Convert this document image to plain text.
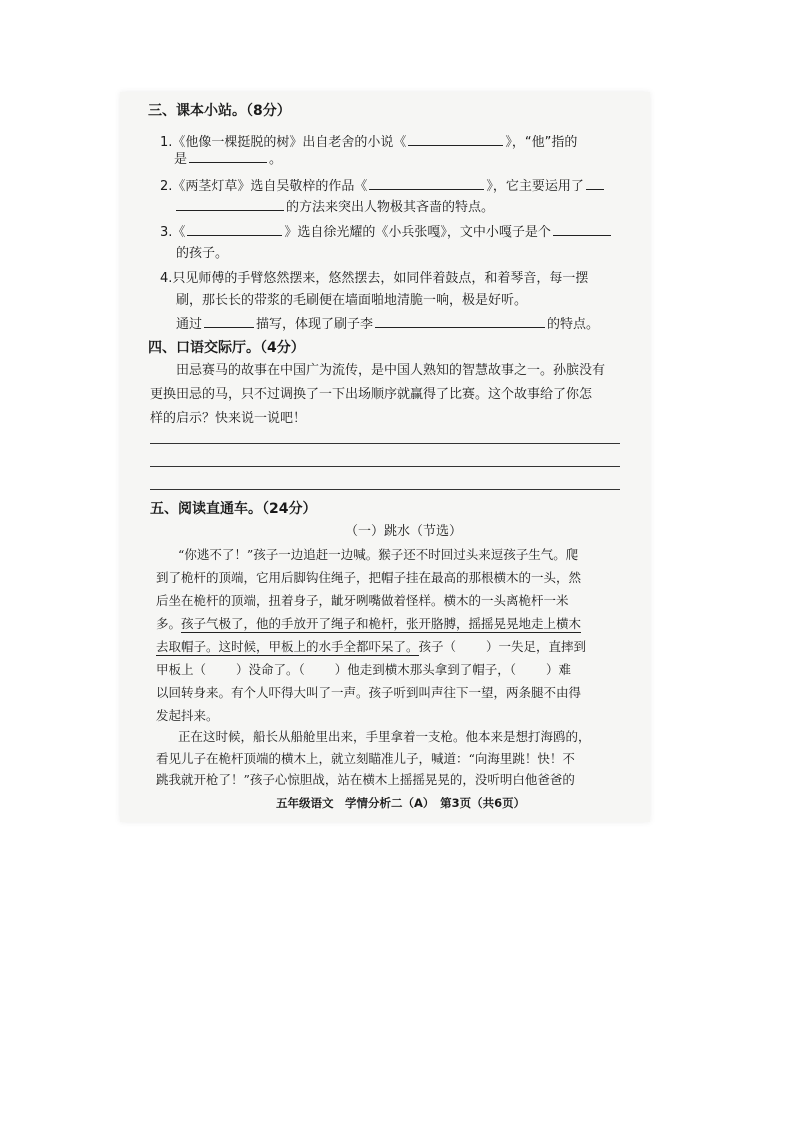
三、课本小站。（8分）
1.《他像一棵挺脱的树》出自老舍的小说《	》，“他”指的
是	。
2.《两茎灯草》选自吴敬梓的作品《	》，它主要运用了
的方法来突出人物极其吝啬的特点。
3.《	》选自徐光耀的《小兵张嘎》，文中小嘎子是个
的孩子。
4.只见师傅的手臂悠然摆来，悠然摆去，如同伴着鼓点，和着琴音，每一摆
刷，那长长的带浆的毛刷便在墙面啪地清脆一响，极是好听。
通过	描写，体现了刷子李	的特点。
四、口语交际厅。（4分）
田忌赛马的故事在中国广为流传，是中国人熟知的智慧故事之一。孙膑没有
更换田忌的马，只不过调换了一下出场顺序就赢得了比赛。这个故事给了你怎
样的启示？快来说一说吧！
五、阅读直通车。（24分）
（一）跳水（节选）
“你逃不了！”孩子一边追赶一边喊。猴子还不时回过头来逗孩子生气。爬
到了桅杆的顶端，它用后脚钩住绳子，把帽子挂在最高的那根横木的一头，然
后坐在桅杆的顶端，扭着身子，龇牙咧嘴做着怪样。横木的一头离桅杆一米
多。孩子气极了，他的手放开了绳子和桅杆，张开胳膊，摇摇晃晃地走上横木
去取帽子。这时候，甲板上的水手全都吓呆了。孩子（ ）一失足，直摔到
甲板上（ ）没命了。（ ）他走到横木那头拿到了帽子，（ ）难
以回转身来。有个人吓得大叫了一声。孩子听到叫声往下一望，两条腿不由得
发起抖来。
正在这时候，船长从船舱里出来，手里拿着一支枪。他本来是想打海鸥的，
看见儿子在桅杆顶端的横木上，就立刻瞄准儿子，喊道：“向海里跳！快！不
跳我就开枪了！”孩子心惊胆战，站在横木上摇摇晃晃的，没听明白他爸爸的
五年级语文　学情分析二（A）　第3页（共6页）
